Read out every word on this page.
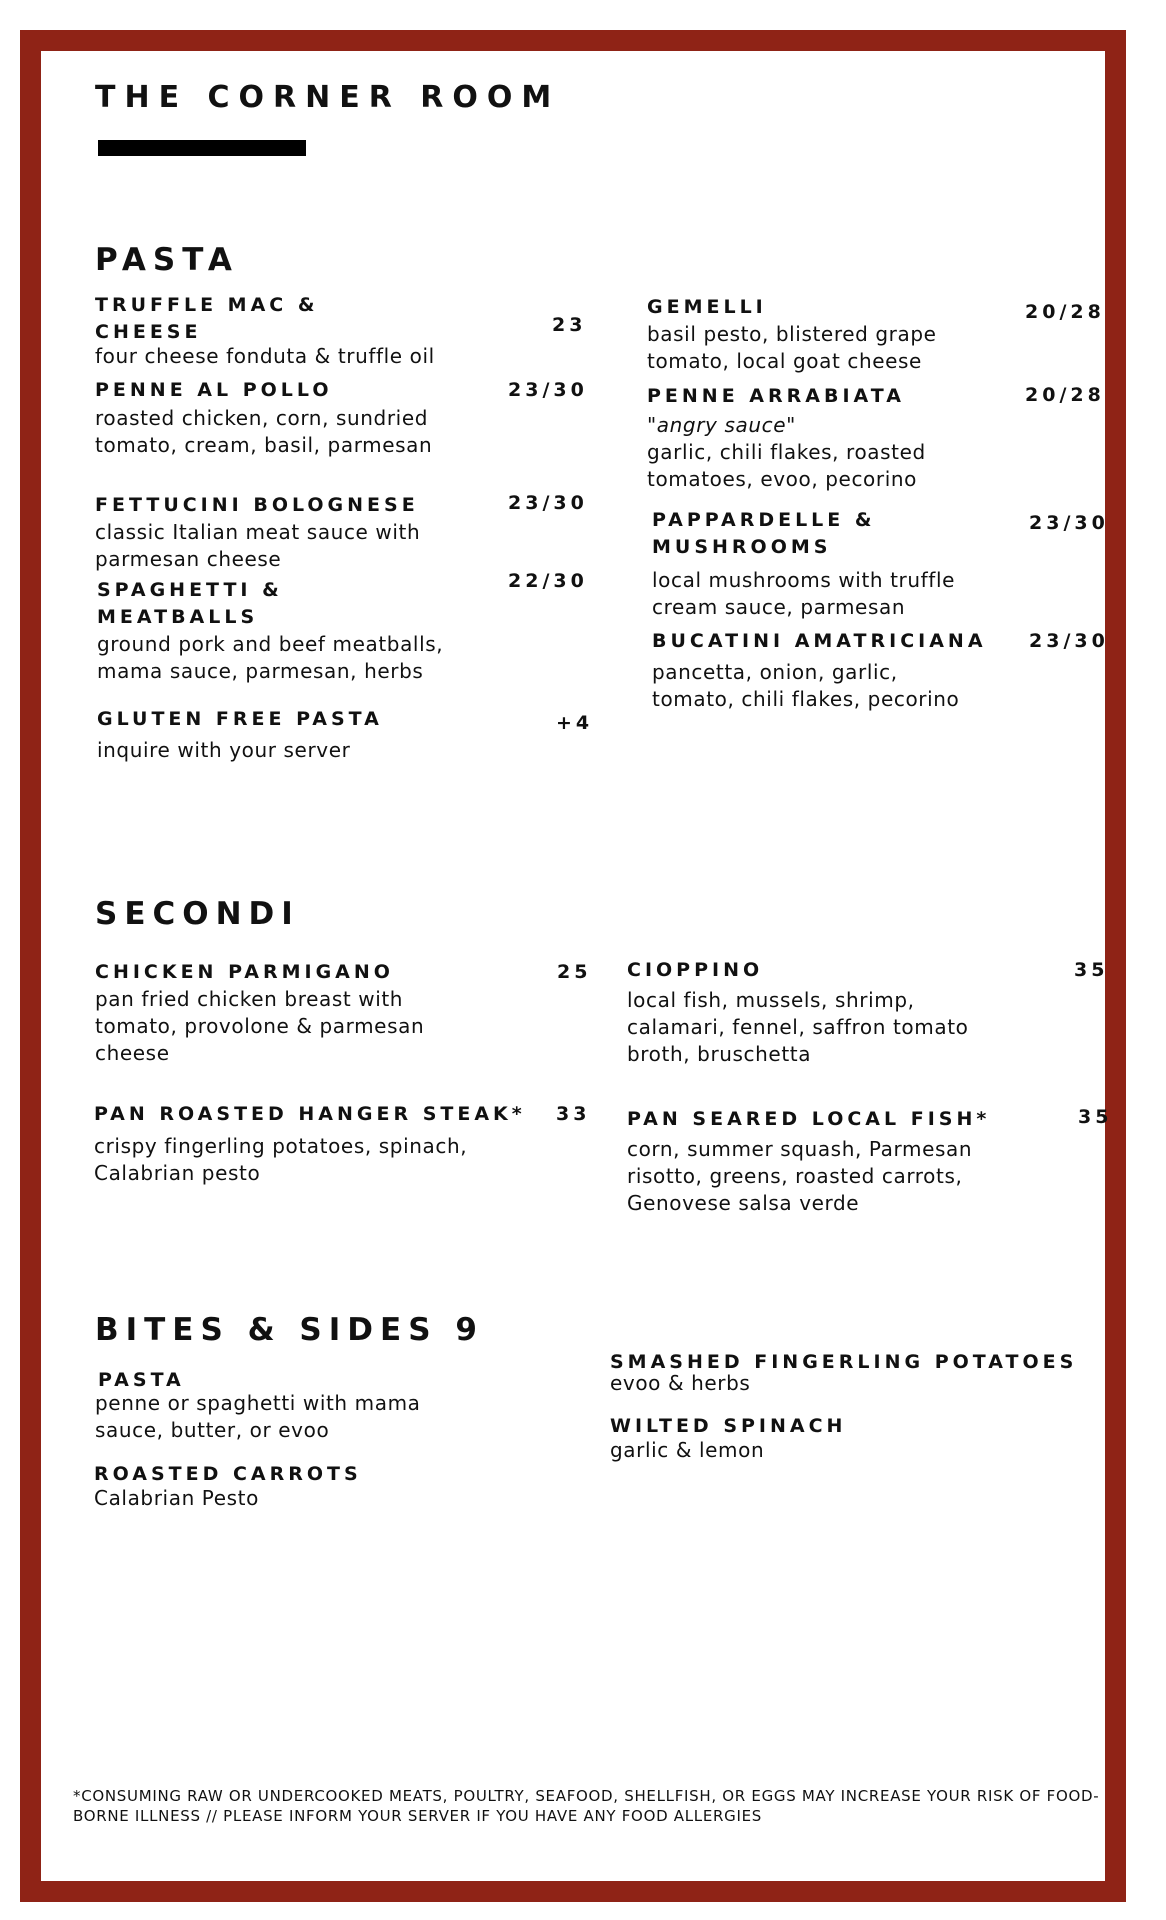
THE CORNER ROOM
PASTA
TRUFFLE MAC & CHEESE
four cheese fonduta & truffle oil
23
PENNE AL POLLO
roasted chicken, corn, sundried tomato, cream, basil, parmesan
23/30
FETTUCINI BOLOGNESE
classic Italian meat sauce with parmesan cheese
23/30
SPAGHETTI & MEATBALLS
ground pork and beef meatballs, mama sauce, parmesan, herbs
22/30
GLUTEN FREE PASTA
inquire with your server
+4
GEMELLI
basil pesto, blistered grape tomato, local goat cheese
20/28
PENNE ARRABIATA
"angry sauce"
garlic, chili flakes, roasted tomatoes, evoo, pecorino
20/28
PAPPARDELLE & MUSHROOMS
local mushrooms with truffle cream sauce, parmesan
23/30
BUCATINI AMATRICIANA
pancetta, onion, garlic, tomato, chili flakes, pecorino
23/30
SECONDI
CHICKEN PARMIGANO
pan fried chicken breast with tomato, provolone & parmesan cheese
25
PAN ROASTED HANGER STEAK*
crispy fingerling potatoes, spinach, Calabrian pesto
33
CIOPPINO
local fish, mussels, shrimp, calamari, fennel, saffron tomato broth, bruschetta
35
PAN SEARED LOCAL FISH*
corn, summer squash, Parmesan risotto, greens, roasted carrots, Genovese salsa verde
35
BITES & SIDES 9
PASTA
penne or spaghetti with mama sauce, butter, or evoo
ROASTED CARROTS
Calabrian Pesto
SMASHED FINGERLING POTATOES
evoo & herbs
WILTED SPINACH
garlic & lemon
*CONSUMING RAW OR UNDERCOOKED MEATS, POULTRY, SEAFOOD, SHELLFISH, OR EGGS MAY INCREASE YOUR RISK OF FOOD-BORNE ILLNESS // PLEASE INFORM YOUR SERVER IF YOU HAVE ANY FOOD ALLERGIES
